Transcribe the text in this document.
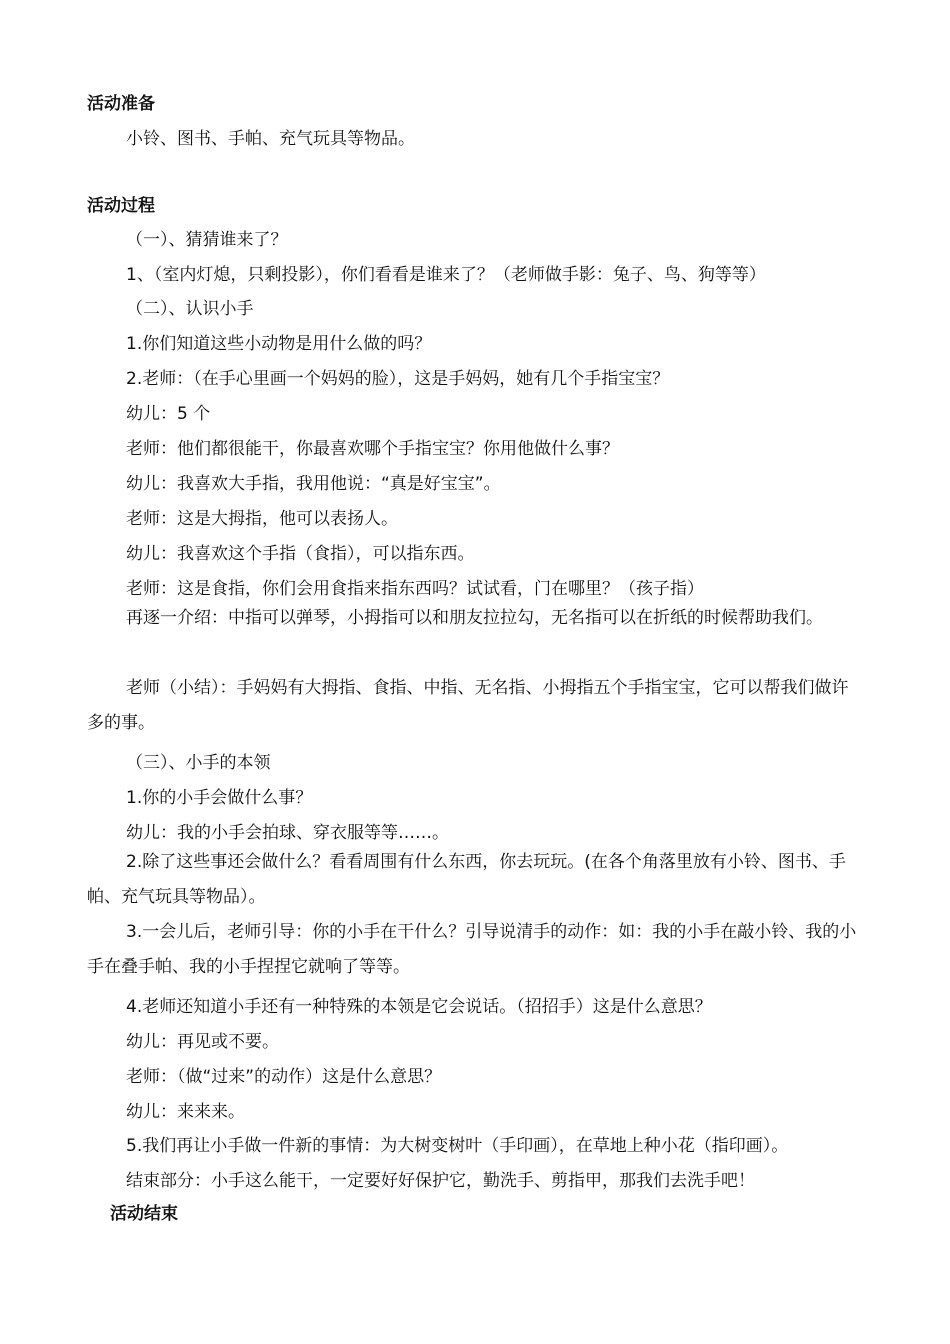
活动准备
小铃、图书、手帕、充气玩具等物品。
活动过程
（一）、猜猜谁来了？
1、（室内灯熄，只剩投影），你们看看是谁来了？（老师做手影：兔子、鸟、狗等等）
（二）、认识小手
1.你们知道这些小动物是用什么做的吗？
2.老师：（在手心里画一个妈妈的脸），这是手妈妈，她有几个手指宝宝？
幼儿：5 个
老师：他们都很能干，你最喜欢哪个手指宝宝？你用他做什么事？
幼儿：我喜欢大手指，我用他说：“真是好宝宝”。
老师：这是大拇指，他可以表扬人。
幼儿：我喜欢这个手指（食指），可以指东西。
老师：这是食指，你们会用食指来指东西吗？试试看，门在哪里？（孩子指）
再逐一介绍：中指可以弹琴，小拇指可以和朋友拉拉勾，无名指可以在折纸的时候帮助我们。
老师（小结）：手妈妈有大拇指、食指、中指、无名指、小拇指五个手指宝宝，它可以帮我们做许多的事。
（三）、小手的本领
1.你的小手会做什么事？
幼儿：我的小手会拍球、穿衣服等等……。
2.除了这些事还会做什么？看看周围有什么东西，你去玩玩。(在各个角落里放有小铃、图书、手帕、充气玩具等物品）。
3.一会儿后，老师引导：你的小手在干什么？引导说清手的动作：如：我的小手在敲小铃、我的小手在叠手帕、我的小手捏捏它就响了等等。
4.老师还知道小手还有一种特殊的本领是它会说话。（招招手）这是什么意思？
幼儿：再见或不要。
老师：（做“过来”的动作）这是什么意思？
幼儿：来来来。
5.我们再让小手做一件新的事情：为大树变树叶（手印画），在草地上种小花（指印画）。
结束部分：小手这么能干，一定要好好保护它，勤洗手、剪指甲，那我们去洗手吧！
活动结束
